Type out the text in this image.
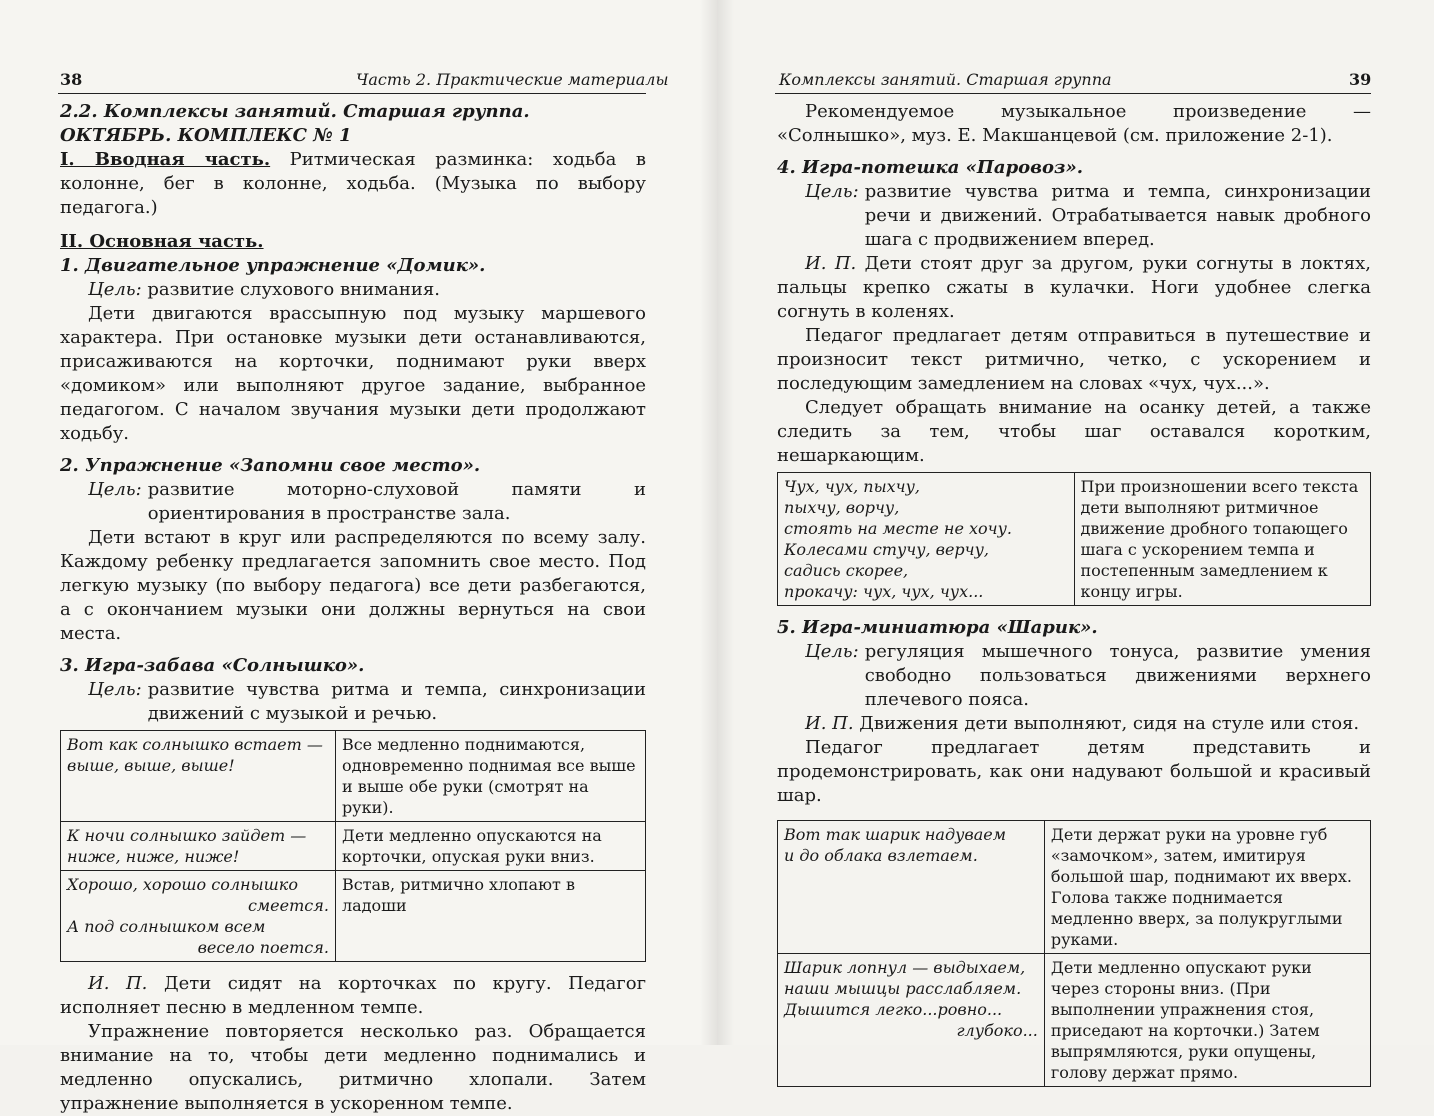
38	Часть 2. Практические материалы

2.2. Комплексы занятий. Старшая группа.

ОКТЯБРЬ. КОМПЛЕКС № 1

I. Вводная часть. Ритмическая разминка: ходьба в колонне, бег в колонне, ходьба. (Музыка по выбору педагога.)

II. Основная часть.

1. Двигательное упражнение «Домик».

Цель: развитие слухового внимания.

Дети двигаются врассыпную под музыку маршевого характера. При остановке музыки дети останавливаются, присаживаются на корточки, поднимают руки вверх «домиком» или выполняют другое задание, выбранное педагогом. С началом звучания музыки дети продолжают ходьбу.

2. Упражнение «Запомни свое место».

Цель: развитие моторно-слуховой памяти и ориентирования в пространстве зала.

Дети встают в круг или распределяются по всему залу. Каждому ребенку предлагается запомнить свое место. Под легкую музыку (по выбору педагога) все дети разбегаются, а с окончанием музыки они должны вернуться на свои места.

3. Игра-забава «Солнышко».

Цель: развитие чувства ритма и темпа, синхронизации движений с музыкой и речью.
Вот как солнышко встает —
выше, выше, выше!	Все медленно поднимаются, одновременно поднимая все выше и выше обе руки (смотрят на руки).

К ночи солнышко зайдет —
ниже, ниже, ниже!	Дети медленно опускаются на корточки, опуская руки вниз.

Хорошо, хорошо солнышко
смеется.
А под солнышком всем
весело поется.	Встав, ритмично хлопают в ладоши

И. П. Дети сидят на корточках по кругу. Педагог исполняет песню в медленном темпе.

Упражнение повторяется несколько раз. Обращается внимание на то, чтобы дети медленно поднимались и медленно опускались, ритмично хлопали. Затем упражнение выполняется в ускоренном темпе.

Комплексы занятий. Старшая группа	39

Рекомендуемое музыкальное произведение — «Солнышко», муз. Е. Макшанцевой (см. приложение 2-1).

4. Игра-потешка «Паровоз».

Цель: развитие чувства ритма и темпа, синхронизации речи и движений. Отрабатывается навык дробного шага с продвижением вперед.

И. П. Дети стоят друг за другом, руки согнуты в локтях, пальцы крепко сжаты в кулачки. Ноги удобнее слегка согнуть в коленях.

Педагог предлагает детям отправиться в путешествие и произносит текст ритмично, четко, с ускорением и последующим замедлением на словах «чух, чух...».

Следует обращать внимание на осанку детей, а также следить за тем, чтобы шаг оставался коротким, нешаркающим.

Чух, чух, пыхчу,
пыхчу, ворчу,
стоять на месте не хочу.
Колесами стучу, верчу,
садись скорее,
прокачу: чух, чух, чух...
	При произношении всего текста дети выполняют ритмичное движение дробного топающего шага с ускорением темпа и постепенным замедлением к концу игры.

5. Игра-миниатюра «Шарик».

Цель: регуляция мышечного тонуса, развитие умения свободно пользоваться движениями верхнего плечевого пояса.

И. П. Движения дети выполняют, сидя на стуле или стоя.

Педагог предлагает детям представить и продемонстрировать, как они надувают большой и красивый шар.

Вот так шарик надуваем
и до облака взлетаем.	Дети держат руки на уровне губ «замочком», затем, имитируя большой шар, поднимают их вверх. Голова также поднимается медленно вверх, за полукруглыми руками.

Шарик лопнул — выдыхаем,
наши мышцы расслабляем.
Дышится легко...ровно...
глубоко...	Дети медленно опускают руки через стороны вниз. (При выполнении упражнения стоя, приседают на корточки.) Затем выпрямляются, руки опущены, голову держат прямо.
